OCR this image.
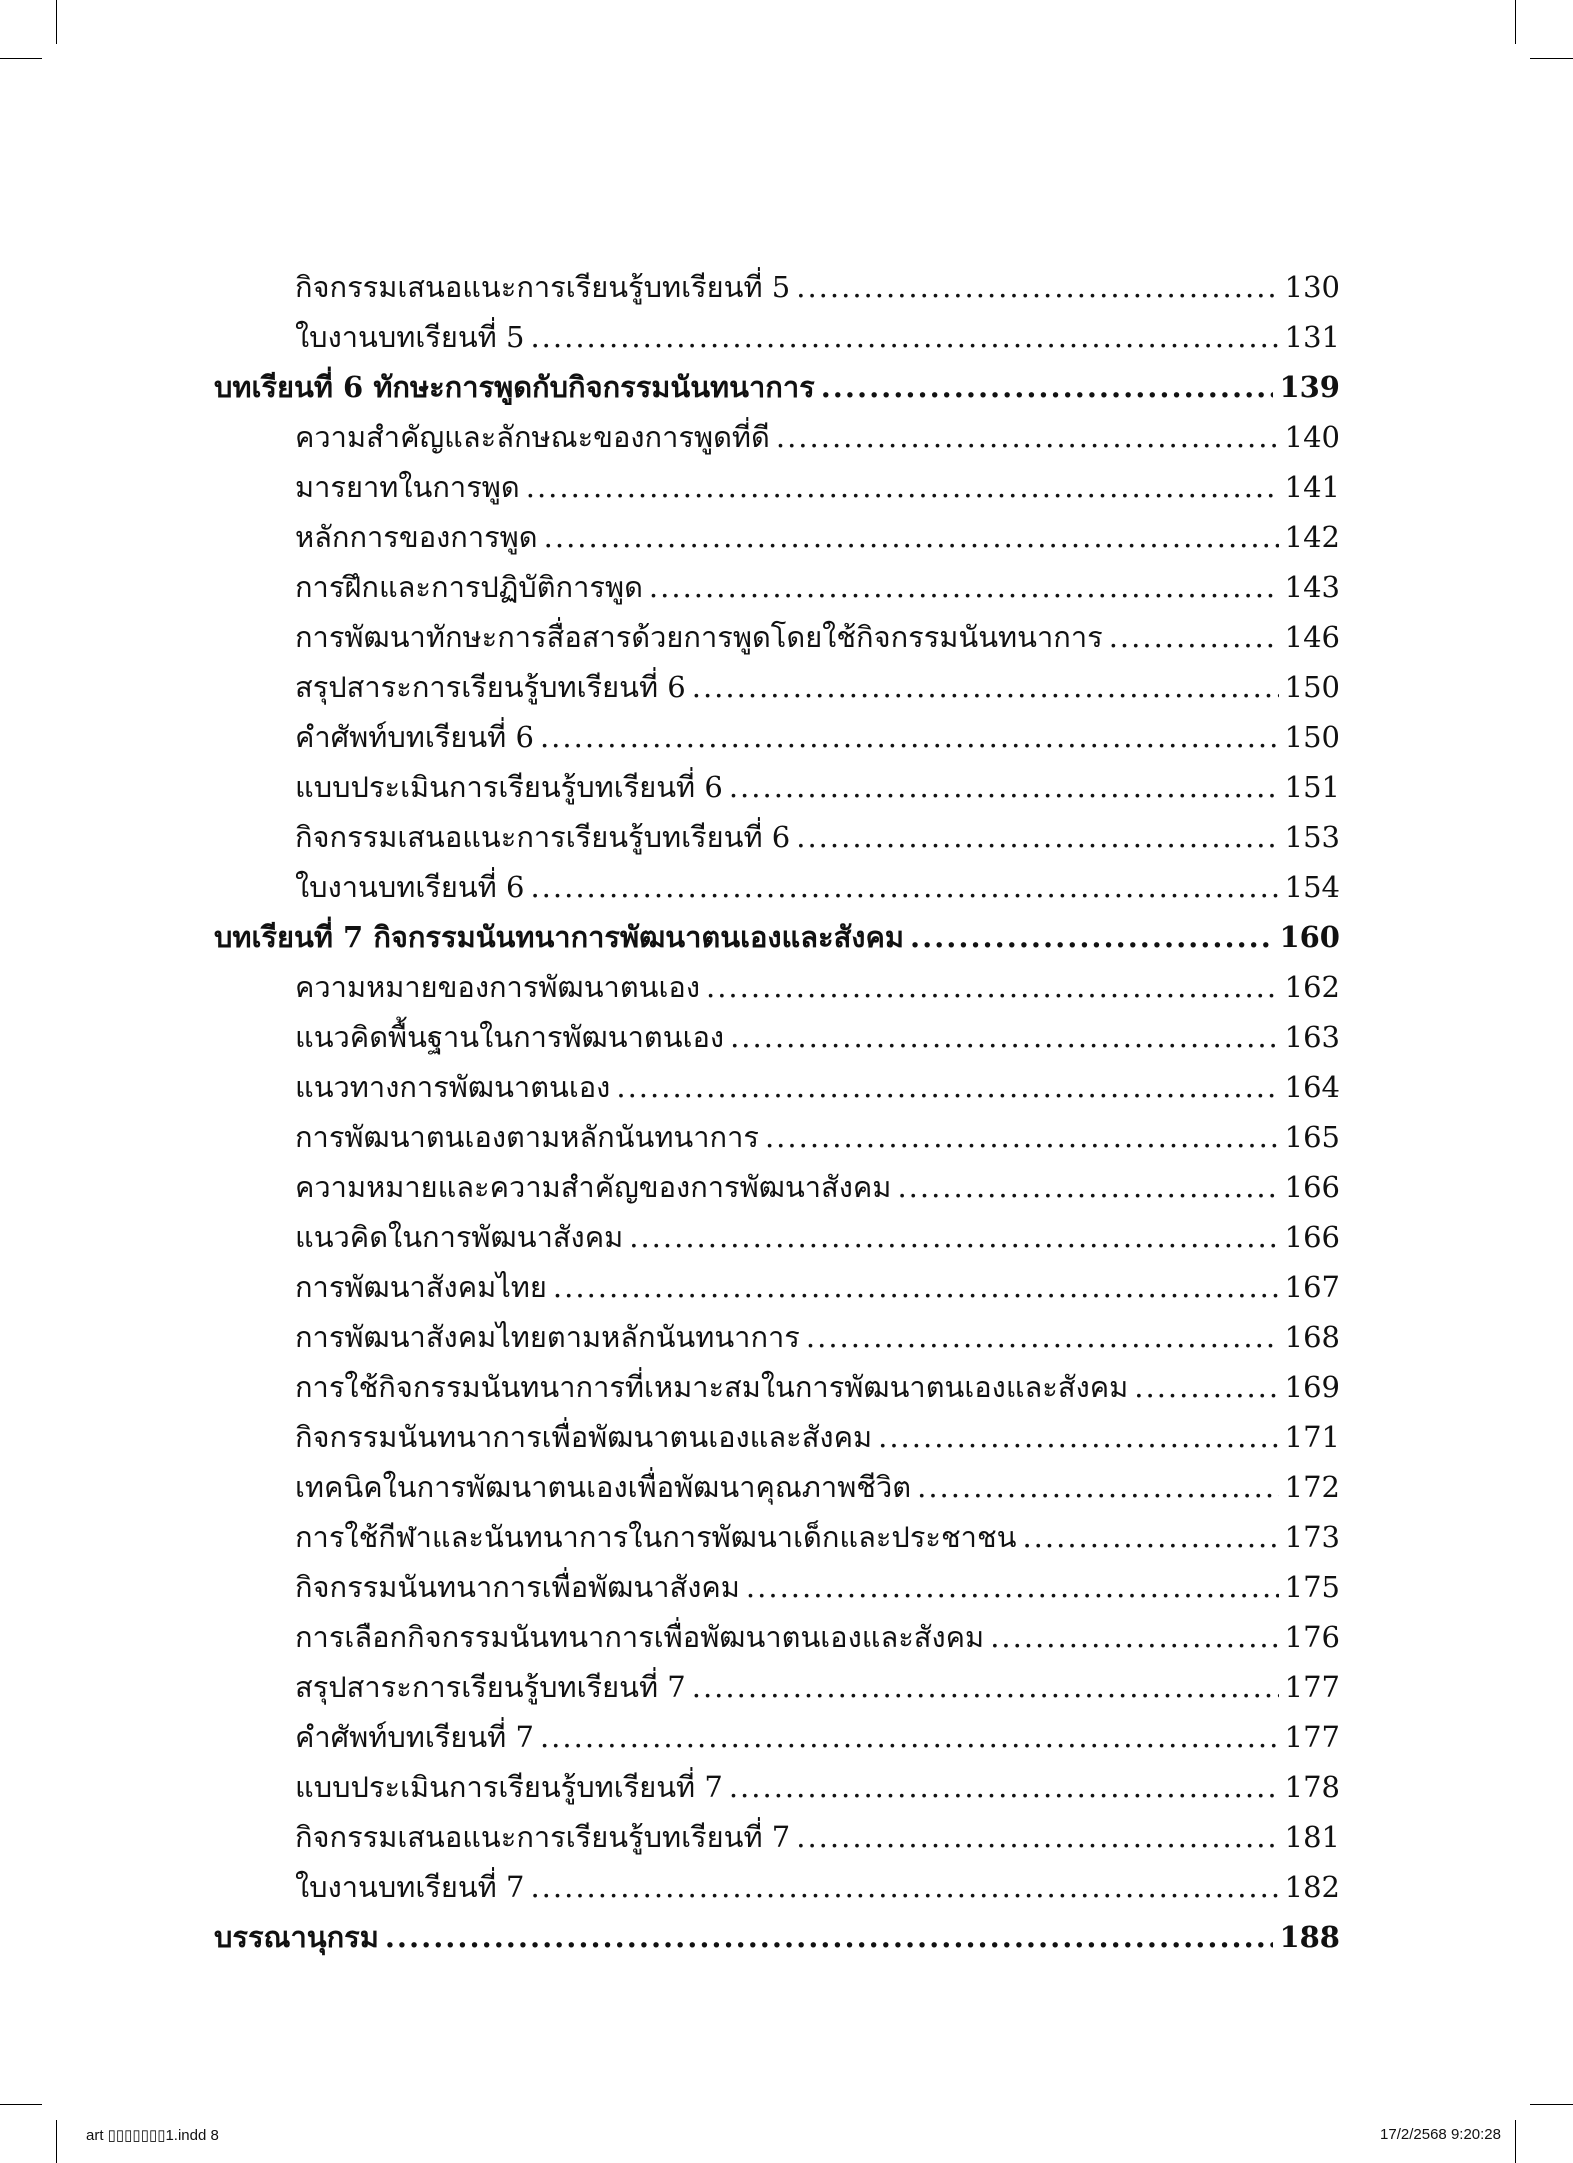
กิจกรรมเสนอแนะการเรียนรู้บทเรียนที่ 5 .....	130
ใบงานบทเรียนที่ 5 .....	131
บทเรียนที่ 6 ทักษะการพูดกับกิจกรรมนันทนาการ .....	139
ความสำคัญและลักษณะของการพูดที่ดี .....	140
มารยาทในการพูด .....	141
หลักการของการพูด .....	142
การฝึกและการปฏิบัติการพูด .....	143
การพัฒนาทักษะการสื่อสารด้วยการพูดโดยใช้กิจกรรมนันทนาการ .....	146
สรุปสาระการเรียนรู้บทเรียนที่ 6 .....	150
คำศัพท์บทเรียนที่ 6 .....	150
แบบประเมินการเรียนรู้บทเรียนที่ 6 .....	151
กิจกรรมเสนอแนะการเรียนรู้บทเรียนที่ 6 .....	153
ใบงานบทเรียนที่ 6 .....	154
บทเรียนที่ 7 กิจกรรมนันทนาการพัฒนาตนเองและสังคม .....	160
ความหมายของการพัฒนาตนเอง .....	162
แนวคิดพื้นฐานในการพัฒนาตนเอง .....	163
แนวทางการพัฒนาตนเอง .....	164
การพัฒนาตนเองตามหลักนันทนาการ .....	165
ความหมายและความสำคัญของการพัฒนาสังคม .....	166
แนวคิดในการพัฒนาสังคม .....	166
การพัฒนาสังคมไทย .....	167
การพัฒนาสังคมไทยตามหลักนันทนาการ .....	168
การใช้กิจกรรมนันทนาการที่เหมาะสมในการพัฒนาตนเองและสังคม .....	169
กิจกรรมนันทนาการเพื่อพัฒนาตนเองและสังคม .....	171
เทคนิคในการพัฒนาตนเองเพื่อพัฒนาคุณภาพชีวิต .....	172
การใช้กีฬาและนันทนาการในการพัฒนาเด็กและประชาชน .....	173
กิจกรรมนันทนาการเพื่อพัฒนาสังคม .....	175
การเลือกกิจกรรมนันทนาการเพื่อพัฒนาตนเองและสังคม .....	176
สรุปสาระการเรียนรู้บทเรียนที่ 7 .....	177
คำศัพท์บทเรียนที่ 7 .....	177
แบบประเมินการเรียนรู้บทเรียนที่ 7 .....	178
กิจกรรมเสนอแนะการเรียนรู้บทเรียนที่ 7 .....	181
ใบงานบทเรียนที่ 7 .....	182
บรรณานุกรม .....	188
art ▯▯▯▯▯▯▯1.indd 8	17/2/2568 9:20:28
